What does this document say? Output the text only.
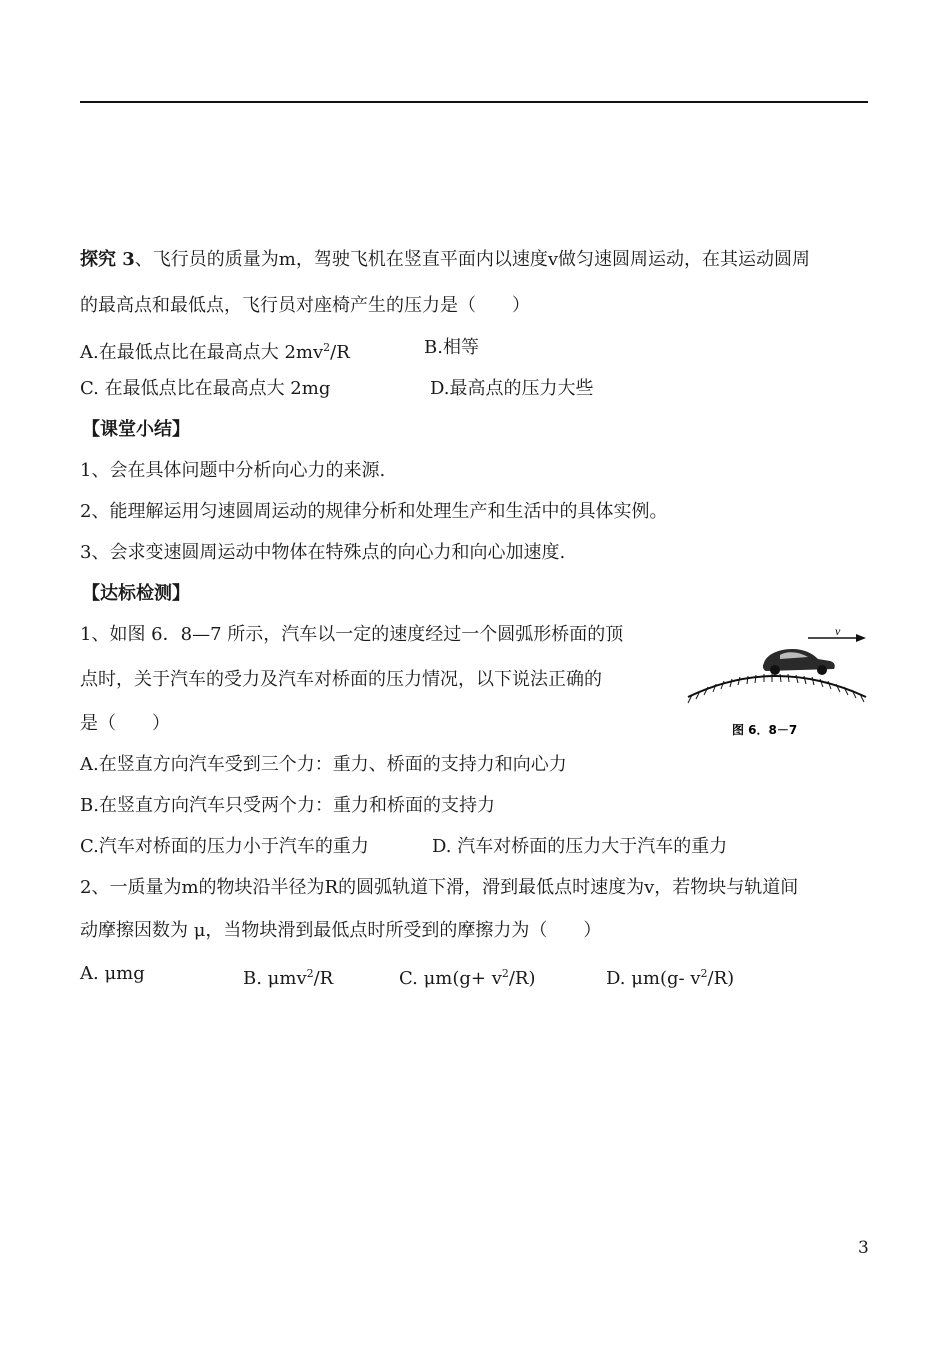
探究 3、飞行员的质量为m，驾驶飞机在竖直平面内以速度v做匀速圆周运动，在其运动圆周
的最高点和最低点，飞行员对座椅产生的压力是（　　）
A.在最低点比在最高点大 $2mv^2/R$	B.相等
C. 在最低点比在最高点大 2mg	D.最高点的压力大些
【课堂小结】
1、会在具体问题中分析向心力的来源.
2、能理解运用匀速圆周运动的规律分析和处理生产和生活中的具体实例。
3、会求变速圆周运动中物体在特殊点的向心力和向心加速度.
【达标检测】
1、如图 6．8—7 所示，汽车以一定的速度经过一个圆弧形桥面的顶
点时，关于汽车的受力及汽车对桥面的压力情况，以下说法正确的
是（　　）
v
图 6．8－7
A.在竖直方向汽车受到三个力：重力、桥面的支持力和向心力
B.在竖直方向汽车只受两个力：重力和桥面的支持力
C.汽车对桥面的压力小于汽车的重力	D. 汽车对桥面的压力大于汽车的重力
2、一质量为m的物块沿半径为R的圆弧轨道下滑，滑到最低点时速度为v，若物块与轨道间
动摩擦因数为 μ，当物块滑到最低点时所受到的摩擦力为（　　）
A. μmg	B. μmv$^2$/R	C. $\mu m(g+ v^2/R)$	D. μm(g- $v^2/R$)
3
